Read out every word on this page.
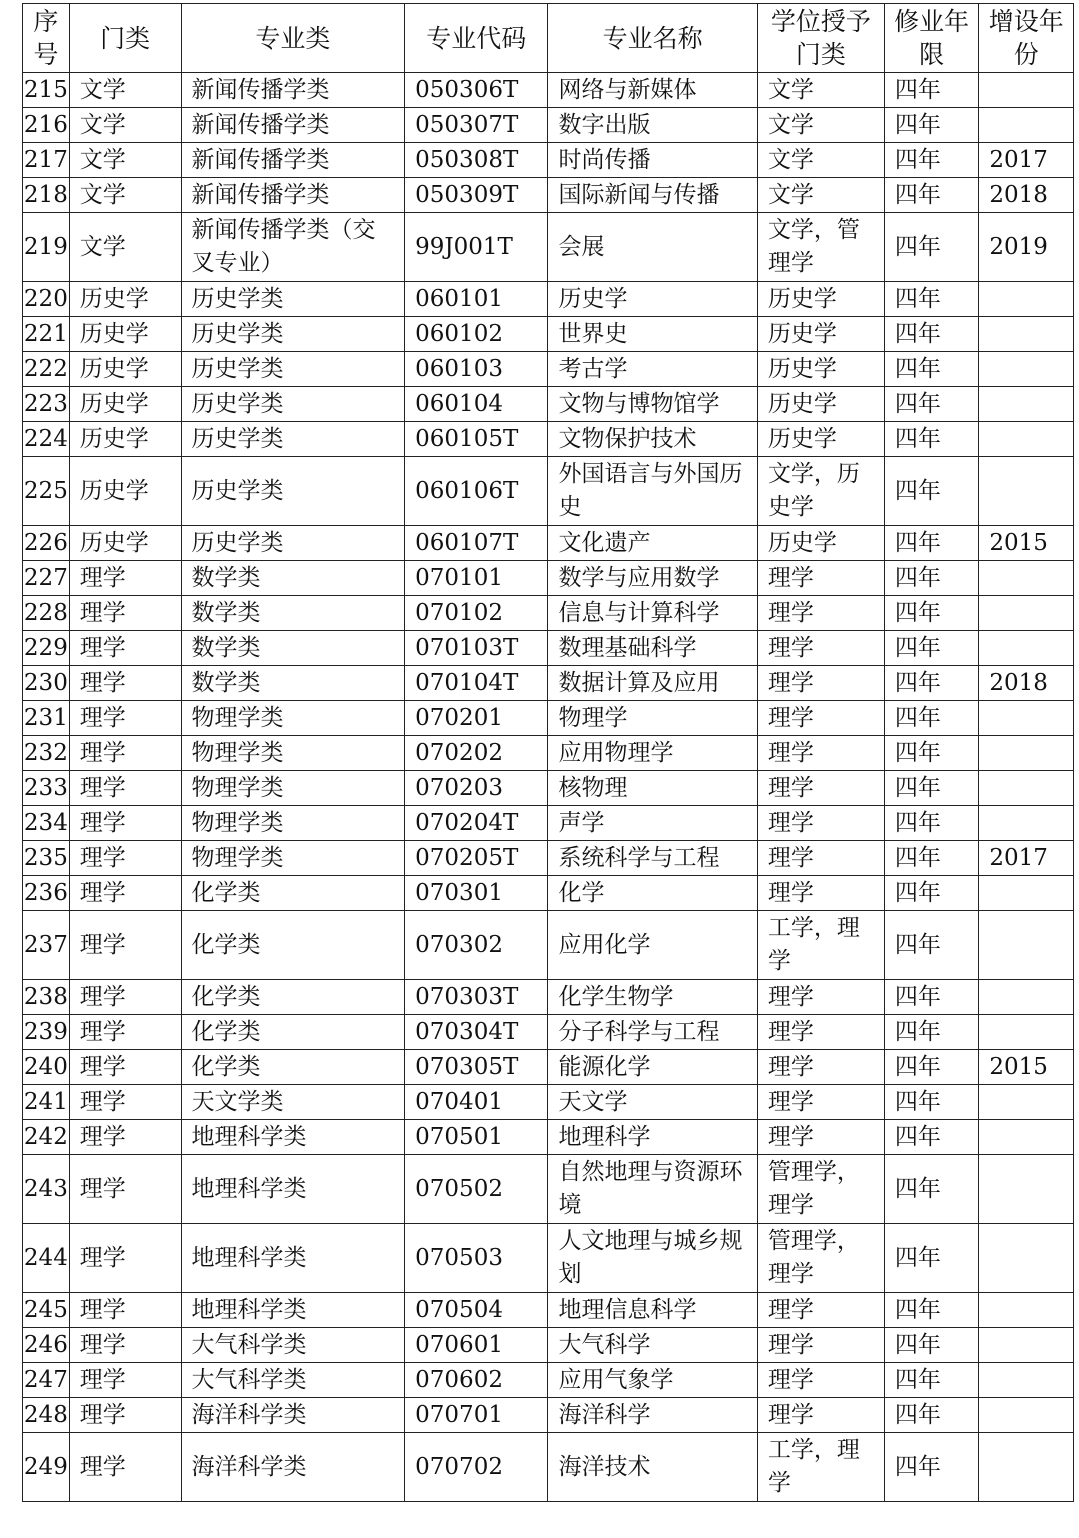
序号	门类	专业类	专业代码	专业名称	学位授予门类	修业年限	增设年份
215	文学	新闻传播学类	050306T	网络与新媒体	文学	四年	
216	文学	新闻传播学类	050307T	数字出版	文学	四年	
217	文学	新闻传播学类	050308T	时尚传播	文学	四年	2017
218	文学	新闻传播学类	050309T	国际新闻与传播	文学	四年	2018
219	文学	新闻传播学类（交叉专业）	99J001T	会展	文学，管理学	四年	2019
220	历史学	历史学类	060101	历史学	历史学	四年	
221	历史学	历史学类	060102	世界史	历史学	四年	
222	历史学	历史学类	060103	考古学	历史学	四年	
223	历史学	历史学类	060104	文物与博物馆学	历史学	四年	
224	历史学	历史学类	060105T	文物保护技术	历史学	四年	
225	历史学	历史学类	060106T	外国语言与外国历史	文学，历史学	四年	
226	历史学	历史学类	060107T	文化遗产	历史学	四年	2015
227	理学	数学类	070101	数学与应用数学	理学	四年	
228	理学	数学类	070102	信息与计算科学	理学	四年	
229	理学	数学类	070103T	数理基础科学	理学	四年	
230	理学	数学类	070104T	数据计算及应用	理学	四年	2018
231	理学	物理学类	070201	物理学	理学	四年	
232	理学	物理学类	070202	应用物理学	理学	四年	
233	理学	物理学类	070203	核物理	理学	四年	
234	理学	物理学类	070204T	声学	理学	四年	
235	理学	物理学类	070205T	系统科学与工程	理学	四年	2017
236	理学	化学类	070301	化学	理学	四年	
237	理学	化学类	070302	应用化学	工学，理学	四年	
238	理学	化学类	070303T	化学生物学	理学	四年	
239	理学	化学类	070304T	分子科学与工程	理学	四年	
240	理学	化学类	070305T	能源化学	理学	四年	2015
241	理学	天文学类	070401	天文学	理学	四年	
242	理学	地理科学类	070501	地理科学	理学	四年	
243	理学	地理科学类	070502	自然地理与资源环境	管理学，理学	四年	
244	理学	地理科学类	070503	人文地理与城乡规划	管理学，理学	四年	
245	理学	地理科学类	070504	地理信息科学	理学	四年	
246	理学	大气科学类	070601	大气科学	理学	四年	
247	理学	大气科学类	070602	应用气象学	理学	四年	
248	理学	海洋科学类	070701	海洋科学	理学	四年	
249	理学	海洋科学类	070702	海洋技术	工学，理学	四年	
